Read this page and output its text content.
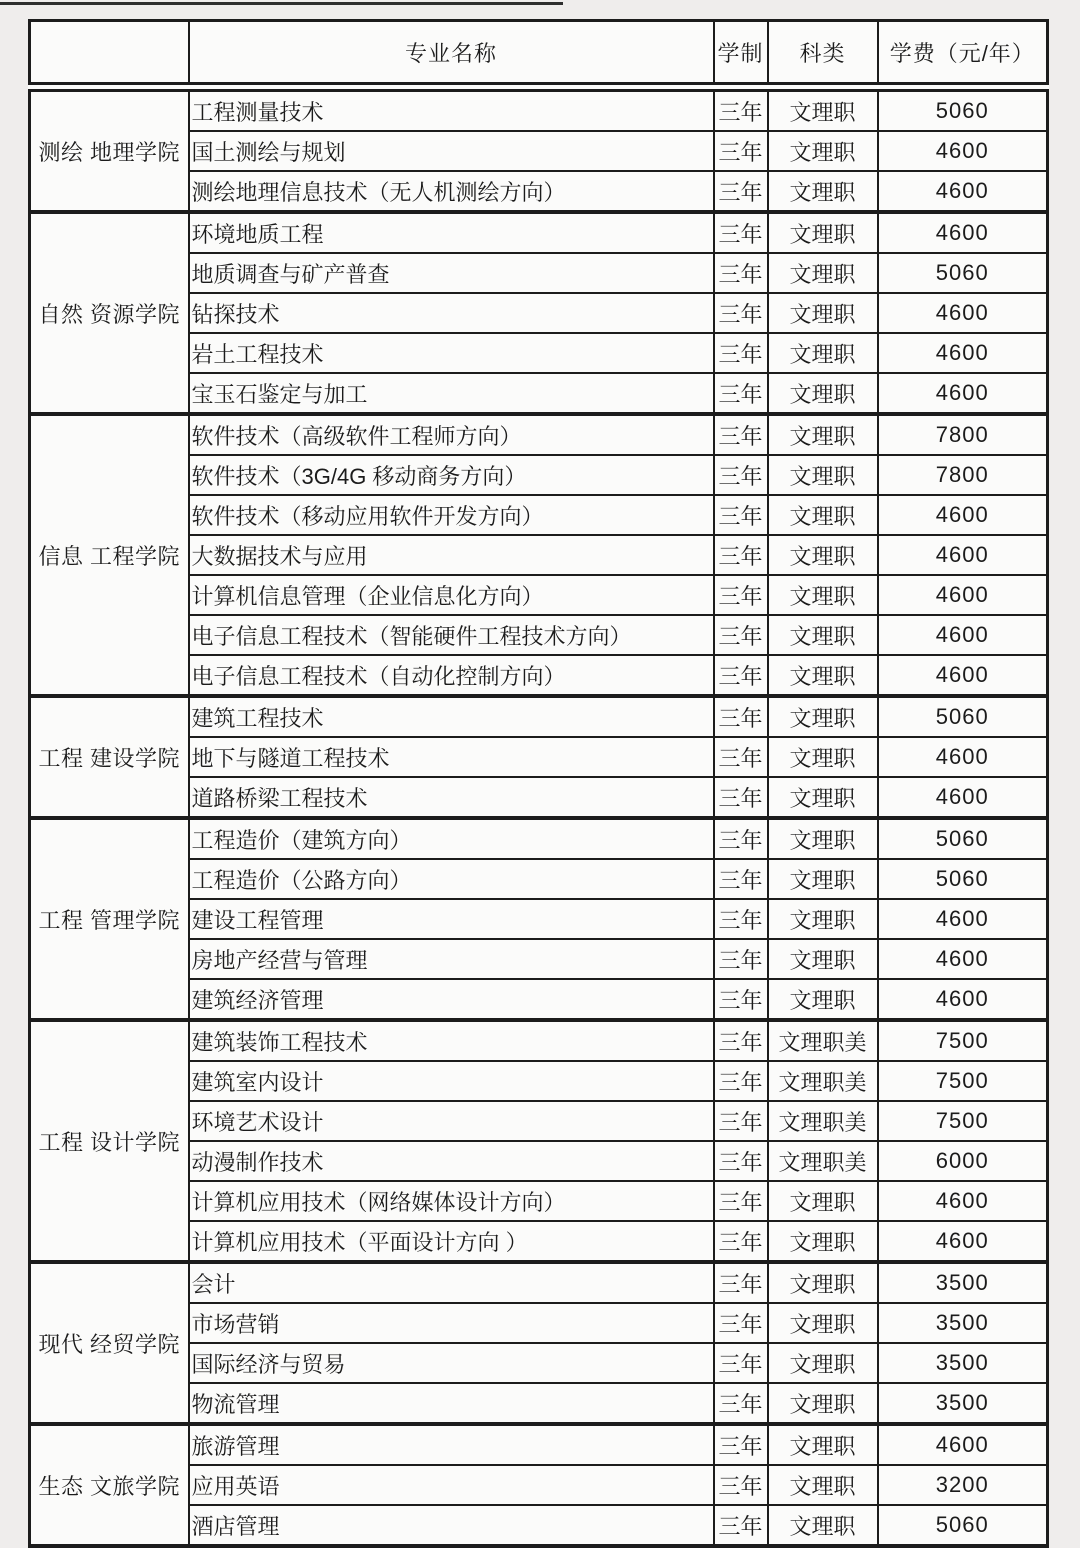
	专业名称	学制	科类	学费（元/年）
测绘 地理学院	工程测量技术	三年	文理职	5060
	国土测绘与规划	三年	文理职	4600
	测绘地理信息技术（无人机测绘方向）	三年	文理职	4600
自然 资源学院	环境地质工程	三年	文理职	4600
	地质调查与矿产普查	三年	文理职	5060
	钻探技术	三年	文理职	4600
	岩土工程技术	三年	文理职	4600
	宝玉石鉴定与加工	三年	文理职	4600
信息 工程学院	软件技术（高级软件工程师方向）	三年	文理职	7800
	软件技术（3G/4G 移动商务方向）	三年	文理职	7800
	软件技术（移动应用软件开发方向）	三年	文理职	4600
	大数据技术与应用	三年	文理职	4600
	计算机信息管理（企业信息化方向）	三年	文理职	4600
	电子信息工程技术（智能硬件工程技术方向）	三年	文理职	4600
	电子信息工程技术（自动化控制方向）	三年	文理职	4600
工程 建设学院	建筑工程技术	三年	文理职	5060
	地下与隧道工程技术	三年	文理职	4600
	道路桥梁工程技术	三年	文理职	4600
工程 管理学院	工程造价（建筑方向）	三年	文理职	5060
	工程造价（公路方向）	三年	文理职	5060
	建设工程管理	三年	文理职	4600
	房地产经营与管理	三年	文理职	4600
	建筑经济管理	三年	文理职	4600
工程 设计学院	建筑装饰工程技术	三年	文理职美	7500
	建筑室内设计	三年	文理职美	7500
	环境艺术设计	三年	文理职美	7500
	动漫制作技术	三年	文理职美	6000
	计算机应用技术（网络媒体设计方向）	三年	文理职	4600
	计算机应用技术（平面设计方向 ）	三年	文理职	4600
现代 经贸学院	会计	三年	文理职	3500
	市场营销	三年	文理职	3500
	国际经济与贸易	三年	文理职	3500
	物流管理	三年	文理职	3500
生态 文旅学院	旅游管理	三年	文理职	4600
	应用英语	三年	文理职	3200
	酒店管理	三年	文理职	5060
